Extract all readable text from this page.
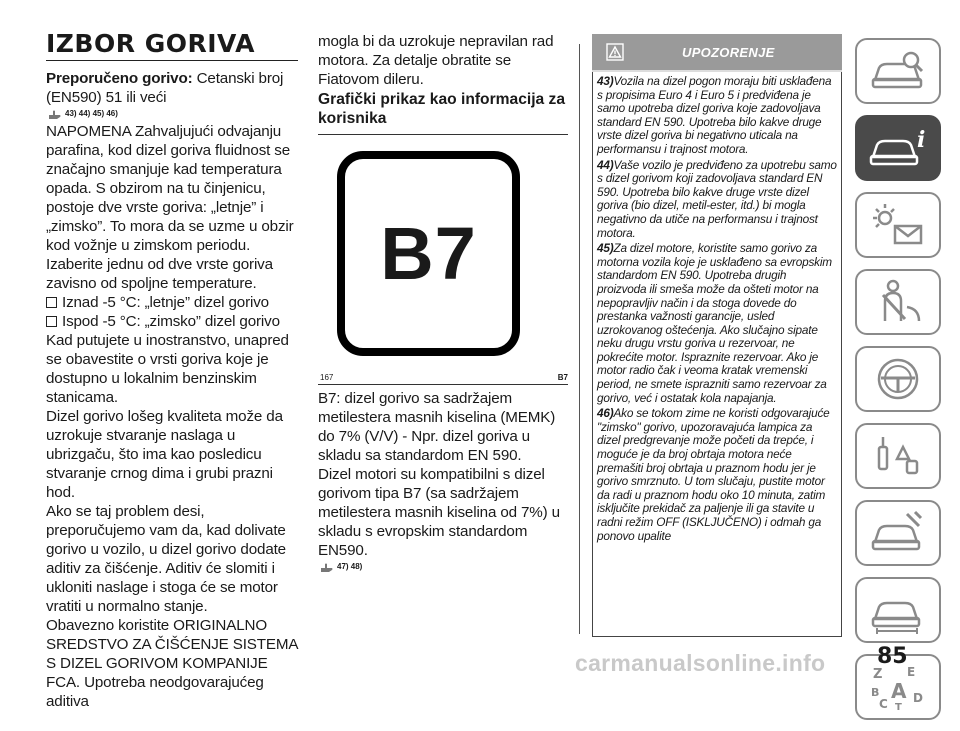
IZBOR GORIVA
Preporučeno gorivo: Cetanski broj (EN590) 51 ili veći
43) 44) 45) 46)
NAPOMENA Zahvaljujući odvajanju parafina, kod dizel goriva fluidnost se značajno smanjuje kad temperatura opada. S obzirom na tu činjenicu, postoje dve vrste goriva: „letnje” i „zimsko”. To mora da se uzme u obzir kod vožnje u zimskom periodu. Izaberite jednu od dve vrste goriva zavisno od spoljne temperature.
Iznad -5 °C: „letnje” dizel gorivo
Ispod -5 °C: „zimsko” dizel gorivo
Kad putujete u inostranstvo, unapred se obavestite o vrsti goriva koje je dostupno u lokalnim benzinskim stanicama.
Dizel gorivo lošeg kvaliteta može da uzrokuje stvaranje naslaga u ubrizgaču, što ima kao posledicu stvaranje crnog dima i grubi prazni hod.
Ako se taj problem desi, preporučujemo vam da, kad dolivate gorivo u vozilo, u dizel gorivo dodate aditiv za čišćenje. Aditiv će slomiti i ukloniti naslage i stoga će se motor vratiti u normalno stanje.
Obavezno koristite ORIGINALNO SREDSTVO ZA ČIŠĆENJE SISTEMA S DIZEL GORIVOM KOMPANIJE FCA. Upotreba neodgovarajućeg aditiva
mogla bi da uzrokuje nepravilan rad motora. Za detalje obratite se Fiatovom dileru.
Grafički prikaz kao informacija za korisnika
B7
167	B7
B7: dizel gorivo sa sadržajem metilestera masnih kiselina (MEMK) do 7% (V/V) - Npr. dizel goriva u skladu sa standardom EN 590.
Dizel motori su kompatibilni s dizel gorivom tipa B7 (sa sadržajem metilestera masnih kiselina od 7%) u skladu s evropskim standardom EN590.
47) 48)
UPOZORENJE
43)Vozila na dizel pogon moraju biti usklađena s propisima Euro 4 i Euro 5 i predviđena je samo upotreba dizel goriva koje zadovoljava standard EN 590. Upotreba bilo kakve druge vrste dizel goriva bi negativno uticala na performansu i trajnost motora.
44)Vaše vozilo je predviđeno za upotrebu samo s dizel gorivom koji zadovoljava standard EN 590. Upotreba bilo kakve druge vrste dizel goriva (bio dizel, metil-ester, itd.) bi mogla negativno da utiče na performansu i trajnost motora.
45)Za dizel motore, koristite samo gorivo za motorna vozila koje je usklađeno sa evropskim standardom EN 590. Upotreba drugih proizvoda ili smeša može da ošteti motor na nepopravljiv način i da stoga dovede do prestanka važnosti garancije, usled uzrokovanog oštećenja. Ako slučajno sipate neku drugu vrstu goriva u rezervoar, ne pokrećite motor. Ispraznite rezervoar. Ako je motor radio čak i veoma kratak vremenski period, ne smete isprazniti samo rezervoar za gorivo, već i ostatak kola napajanja.
46)Ako se tokom zime ne koristi odgovarajuće "zimsko" gorivo, upozoravajuća lampica za dizel predgrevanje može početi da trepće, i moguće je da broj obrtaja motora neće premašiti broj obrtaja u praznom hodu jer je gorivo smrznuto. U tom slučaju, pustite motor da radi u praznom hodu oko 10 minuta, zatim isključite prekidač za paljenje ili ga stavite u radni režim OFF (ISKLJUČENO) i odmah ga ponovo upalite
i
Z E
B A
C T
D
carmanualsonline.info 85
